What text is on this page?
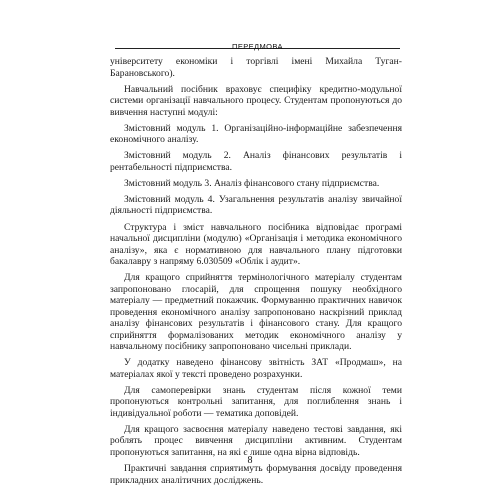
ПЕРЕДМОВА

університету економіки і торгівлі імені Михайла Туган-Барановського).

Навчальний посібник враховує специфіку кредитно-модульної системи організації навчального процесу. Студентам пропонуються до вивчення наступні модулі:

Змістовний модуль 1. Організаційно-інформаційне забезпечення економічного аналізу.

Змістовний модуль 2. Аналіз фінансових результатів і рентабельності підприємства.

Змістовний модуль 3. Аналіз фінансового стану підприємства.

Змістовний модуль 4. Узагальнення результатів аналізу звичайної діяльності підприємства.

Структура і зміст навчального посібника відповідає програмі начальної дисципліни (модулю) «Організація і методика економічного аналізу», яка є нормативною для навчального плану підготовки бакалавру з напряму 6.030509 «Облік і аудит».

Для кращого сприйняття термінологічного матеріалу студентам запропоновано глосарій, для спрощення пошуку необхідного матеріалу — предметний покажчик. Формуванню практичних навичок проведення економічного аналізу запропоновано наскрізний приклад аналізу фінансових результатів і фінансового стану. Для кращого сприйняття формалізованих методик економічного аналізу у навчальному посібнику запропоновано чисельні приклади.

У додатку наведено фінансову звітність ЗАТ «Продмаш», на матеріалах якої у тексті проведено розрахунки.

Для самоперевірки знань студентам після кожної теми пропонуються контрольні запитання, для поглиблення знань і індивідуальної роботи — тематика доповідей.

Для кращого засвоєння матеріалу наведено тестові завдання, які роблять процес вивчення дисципліни активним. Студентам пропонуються запитання, на які є лише одна вірна відповідь.

Практичні завдання сприятимуть формування досвіду проведення прикладних аналітичних досліджень.

8
